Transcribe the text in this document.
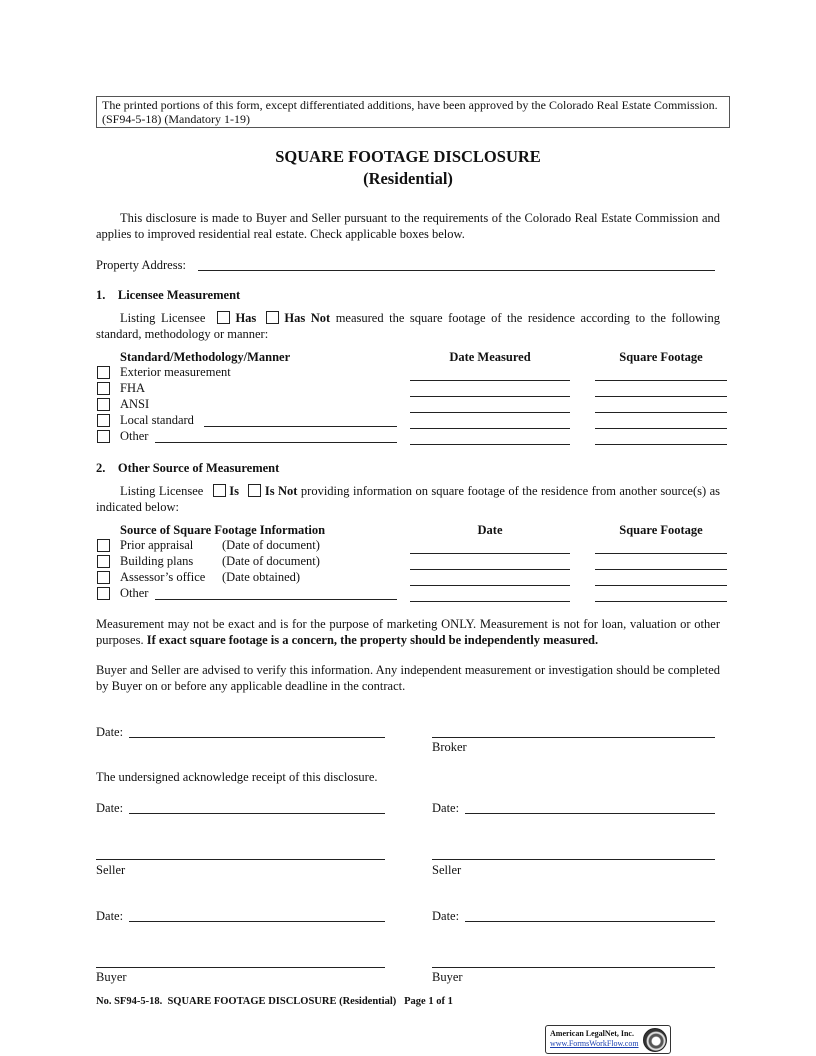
The printed portions of this form, except differentiated additions, have been approved by the Colorado Real Estate Commission.
(SF94-5-18) (Mandatory 1-19)
SQUARE FOOTAGE DISCLOSURE
(Residential)
This disclosure is made to Buyer and Seller pursuant to the requirements of the Colorado Real Estate Commission and applies to improved residential real estate. Check applicable boxes below.
Property Address:
1.    Licensee Measurement
Listing Licensee Has Has Not measured the square footage of the residence according to the following standard, methodology or manner:
Standard/Methodology/Manner	Date Measured	Square Footage
Exterior measurement
FHA
ANSI
Local standard
Other
2.    Other Source of Measurement
Listing Licensee Is Is Not providing information on square footage of the residence from another source(s) as indicated below:
Source of Square Footage Information	Date	Square Footage
Prior appraisal (Date of document)
Building plans (Date of document)
Assessor’s office (Date obtained)
Other
Measurement may not be exact and is for the purpose of marketing ONLY. Measurement is not for loan, valuation or other purposes. If exact square footage is a concern, the property should be independently measured.
Buyer and Seller are advised to verify this information. Any independent measurement or investigation should be completed by Buyer on or before any applicable deadline in the contract.
Date:
Broker
The undersigned acknowledge receipt of this disclosure.
Date:	Date:
Seller	Seller
Date:	Date:
Buyer	Buyer
No. SF94-5-18.  SQUARE FOOTAGE DISCLOSURE (Residential)   Page 1 of 1
American LegalNet, Inc.
www.FormsWorkFlow.com
